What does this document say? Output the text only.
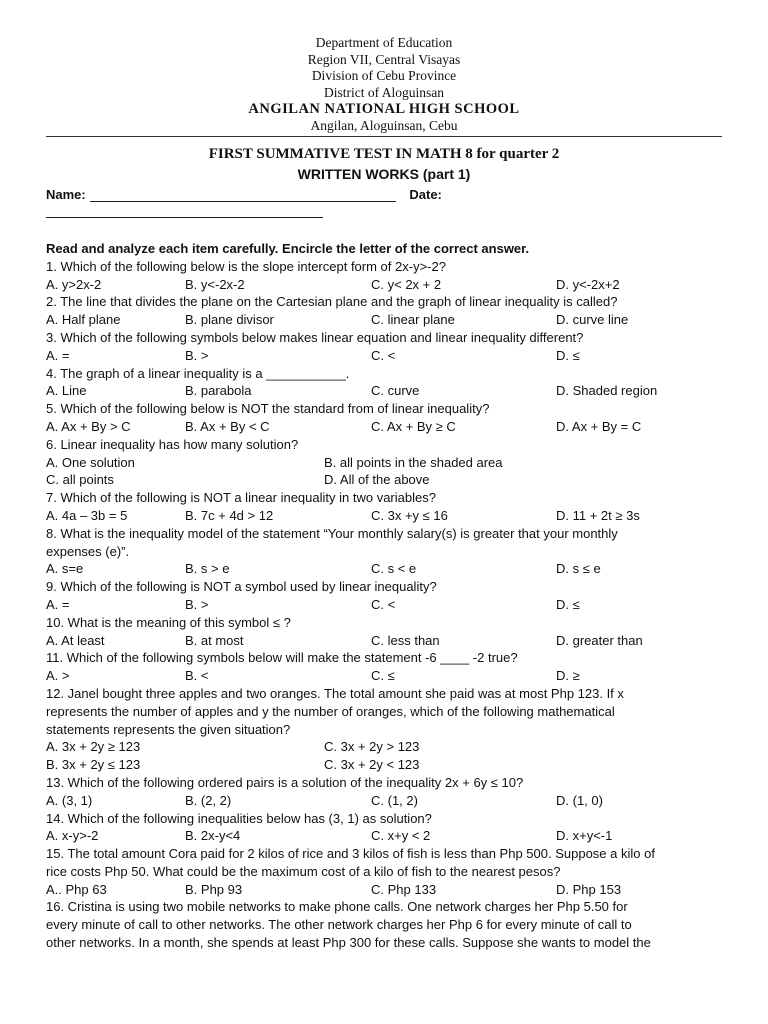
Department of Education
Region VII, Central Visayas
Division of Cebu Province
District of Aloguinsan
ANGILAN NATIONAL HIGH SCHOOL
Angilan, Aloguinsan, Cebu
FIRST SUMMATIVE TEST IN MATH 8 for quarter 2
WRITTEN WORKS (part 1)
Name:	Date:
Read and analyze each item carefully. Encircle the letter of the correct answer.
1. Which of the following below is the slope intercept form of 2x-y>-2?
A. y>2x-2	B. y<-2x-2	C. y< 2x + 2	D. y<-2x+2
2. The line that divides the plane on the Cartesian plane and the graph of linear inequality is called?
A. Half plane	B. plane divisor	C. linear plane	D. curve line
3. Which of the following symbols below makes linear equation and linear inequality different?
A. =	B. >	C. <	D. ≤
4. The graph of a linear inequality is a ___________.
A. Line	B. parabola	C. curve	D. Shaded region
5. Which of the following below is NOT the standard from of linear inequality?
A. Ax + By > C	B. Ax + By < C	C. Ax + By ≥ C	D. Ax + By = C
6. Linear inequality has how many solution?
A. One solution	B. all points in the shaded area
C. all points	D. All of the above
7. Which of the following is NOT a linear inequality in two variables?
A. 4a – 3b = 5	B. 7c + 4d > 12	C. 3x +y ≤ 16	D. 11 + 2t ≥ 3s
8. What is the inequality model of the statement “Your monthly salary(s) is greater that your monthly
expenses (e)”.
A. s=e	B. s > e	C. s < e	D. s ≤ e
9. Which of the following is NOT a symbol used by linear inequality?
A. =	B. >	C. <	D. ≤
10. What is the meaning of this symbol ≤ ?
A. At least	B. at most	C. less than	D. greater than
11. Which of the following symbols below will make the statement -6 ____ -2 true?
A. >	B. <	C. ≤	D. ≥
12. Janel bought three apples and two oranges. The total amount she paid was at most Php 123. If x
represents the number of apples and y the number of oranges, which of the following mathematical
statements represents the given situation?
A. 3x + 2y ≥ 123	C. 3x + 2y > 123
B. 3x + 2y ≤ 123	C. 3x + 2y < 123
13. Which of the following ordered pairs is a solution of the inequality 2x + 6y ≤ 10?
A. (3, 1)	B. (2, 2)	C. (1, 2)	D. (1, 0)
14. Which of the following inequalities below has (3, 1) as solution?
A. x-y>-2	B. 2x-y<4	C. x+y < 2	D. x+y<-1
15. The total amount Cora paid for 2 kilos of rice and 3 kilos of fish is less than Php 500. Suppose a kilo of
rice costs Php 50. What could be the maximum cost of a kilo of fish to the nearest pesos?
A.. Php 63	B. Php 93	C. Php 133	D. Php 153
16. Cristina is using two mobile networks to make phone calls. One network charges her Php 5.50 for
every minute of call to other networks. The other network charges her Php 6 for every minute of call to
other networks. In a month, she spends at least Php 300 for these calls. Suppose she wants to model the
